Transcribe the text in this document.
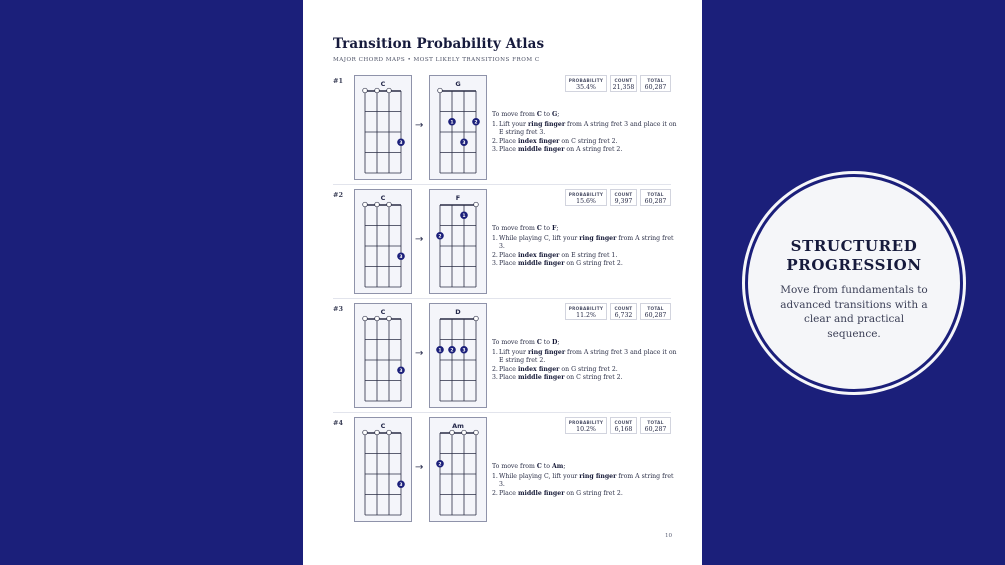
Transition Probability Atlas
MAJOR CHORD MAPS • MOST LIKELY TRANSITIONS FROM C
#1	C
3
G
1	2
3
→
PROBABILITY
35.4%
COUNT
21,358
TOTAL
60,287
To move from C to G;
1. Lift your ring finger from A string fret 3 and place it on E string fret 3.
2. Place index finger on C string fret 2.
3. Place middle finger on A string fret 2.
#2	C
3
F
1
2
→
PROBABILITY
15.6%
COUNT
9,397
TOTAL
60,287
To move from C to F;
1. While playing C, lift your ring finger from A string fret 3.
2. Place index finger on E string fret 1.
3. Place middle finger on G string fret 2.
#3	C
3
D
1 2 3
→
PROBABILITY
11.2%
COUNT
6,732
TOTAL
60,287
To move from C to D;
1. Lift your ring finger from A string fret 3 and place it on E string fret 2.
2. Place index finger on G string fret 2.
3. Place middle finger on C string fret 2.
#4	C
3
Am
2
→
PROBABILITY
10.2%
COUNT
6,168
TOTAL
60,287
To move from C to Am;
1. While playing C, lift your ring finger from A string fret 3.
2. Place middle finger on G string fret 2.
10
STRUCTURED
PROGRESSION
Move from fundamentals to advanced transitions with a clear and practical sequence.
